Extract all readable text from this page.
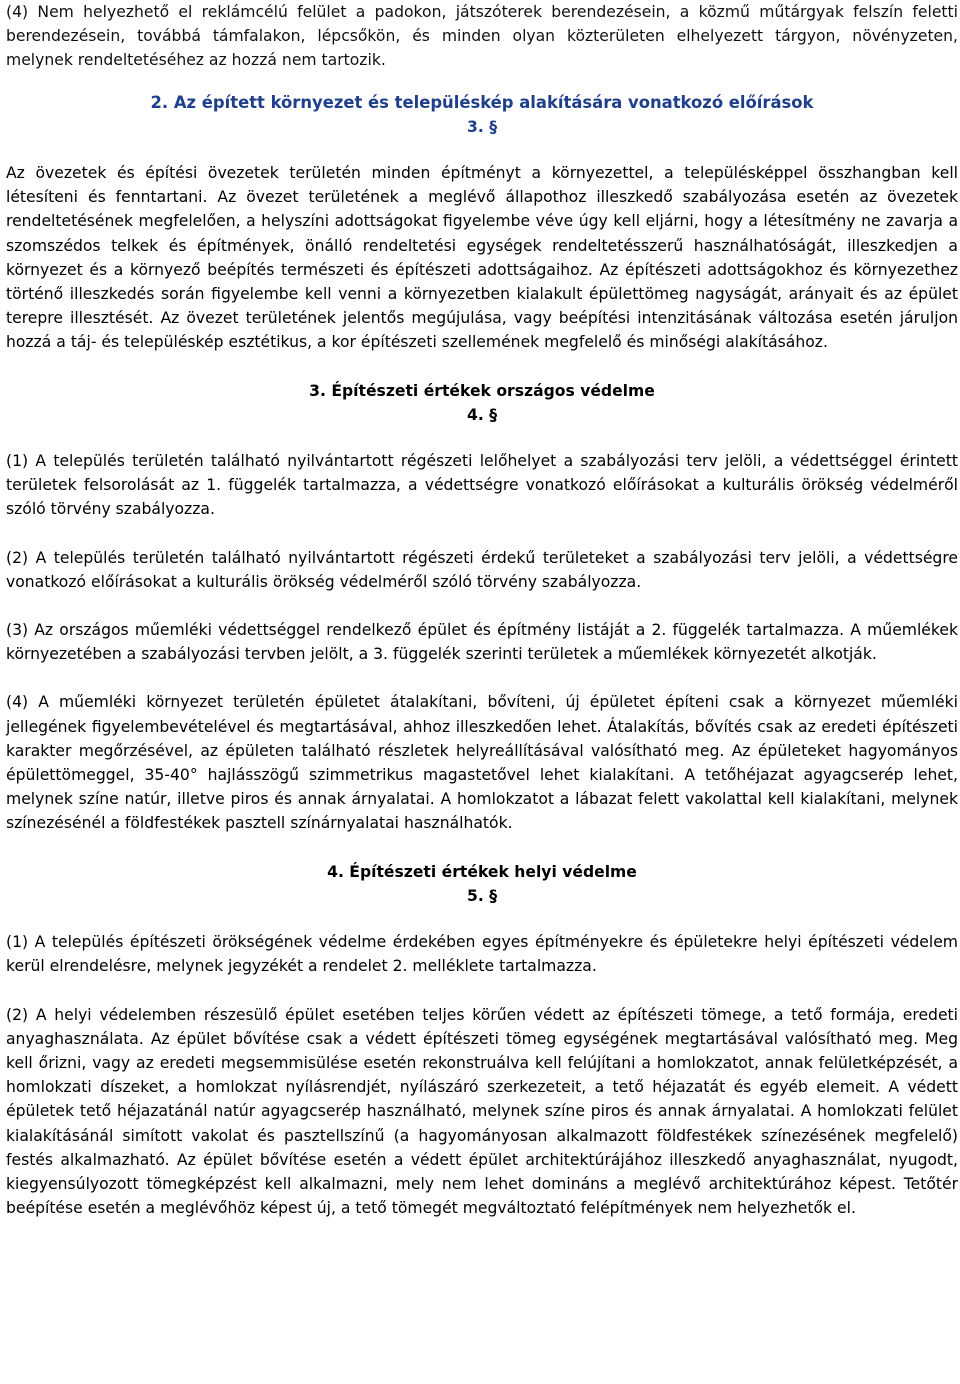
(4) Nem helyezhető el reklámcélú felület a padokon, játszóterek berendezésein, a közmű műtárgyak felszín feletti berendezésein, továbbá támfalakon, lépcsőkön, és minden olyan közterületen elhelyezett tárgyon, növényzeten, melynek rendeltetéséhez az hozzá nem tartozik.

2. Az épített környezet és településkép alakítására vonatkozó előírások

3. §

Az övezetek és építési övezetek területén minden építményt a környezettel, a településképpel összhangban kell létesíteni és fenntartani. Az övezet területének a meglévő állapothoz illeszkedő szabályozása esetén az övezetek rendeltetésének megfelelően, a helyszíni adottságokat figyelembe véve úgy kell eljárni, hogy a létesítmény ne zavarja a szomszédos telkek és építmények, önálló rendeltetési egységek rendeltetésszerű használhatóságát, illeszkedjen a környezet és a környező beépítés természeti és építészeti adottságaihoz. Az építészeti adottságokhoz és környezethez történő illeszkedés során figyelembe kell venni a környezetben kialakult épülettömeg nagyságát, arányait és az épület terepre illesztését. Az övezet területének jelentős megújulása, vagy beépítési intenzitásának változása esetén járuljon hozzá a táj- és településkép esztétikus, a kor építészeti szellemének megfelelő és minőségi alakításához.

3. Építészeti értékek országos védelme

4. §

(1) A település területén található nyilvántartott régészeti lelőhelyet a szabályozási terv jelöli, a védettséggel érintett területek felsorolását az 1. függelék tartalmazza, a védettségre vonatkozó előírásokat a kulturális örökség védelméről szóló törvény szabályozza.

(2) A település területén található nyilvántartott régészeti érdekű területeket a szabályozási terv jelöli, a védettségre vonatkozó előírásokat a kulturális örökség védelméről szóló törvény szabályozza.

(3) Az országos műemléki védettséggel rendelkező épület és építmény listáját a 2. függelék tartalmazza. A műemlékek környezetében a szabályozási tervben jelölt, a 3. függelék szerinti területek a műemlékek környezetét alkotják.

(4) A műemléki környezet területén épületet átalakítani, bővíteni, új épületet építeni csak a környezet műemléki jellegének figyelembevételével és megtartásával, ahhoz illeszkedően lehet. Átalakítás, bővítés csak az eredeti építészeti karakter megőrzésével, az épületen található részletek helyreállításával valósítható meg. Az épületeket hagyományos épülettömeggel, 35-40° hajlásszögű szimmetrikus magastetővel lehet kialakítani. A tetőhéjazat agyagcserép lehet, melynek színe natúr, illetve piros és annak árnyalatai. A homlokzatot a lábazat felett vakolattal kell kialakítani, melynek színezésénél a földfestékek pasztell színárnyalatai használhatók.

4. Építészeti értékek helyi védelme

5. §

(1) A település építészeti örökségének védelme érdekében egyes építményekre és épületekre helyi építészeti védelem kerül elrendelésre, melynek jegyzékét a rendelet 2. melléklete tartalmazza.

(2) A helyi védelemben részesülő épület esetében teljes körűen védett az építészeti tömege, a tető formája, eredeti anyaghasználata. Az épület bővítése csak a védett építészeti tömeg egységének megtartásával valósítható meg. Meg kell őrizni, vagy az eredeti megsemmisülése esetén rekonstruálva kell felújítani a homlokzatot, annak felületképzését, a homlokzati díszeket, a homlokzat nyílásrendjét, nyílászáró szerkezeteit, a tető héjazatát és egyéb elemeit. A védett épületek tető héjazatánál natúr agyagcserép használható, melynek színe piros és annak árnyalatai. A homlokzati felület kialakításánál simított vakolat és pasztellszínű (a hagyományosan alkalmazott földfestékek színezésének megfelelő) festés alkalmazható. Az épület bővítése esetén a védett épület architektúrájához illeszkedő anyaghasználat, nyugodt, kiegyensúlyozott tömegképzést kell alkalmazni, mely nem lehet domináns a meglévő architektúrához képest. Tetőtér beépítése esetén a meglévőhöz képest új, a tető tömegét megváltoztató felépítmények nem helyezhetők el.
